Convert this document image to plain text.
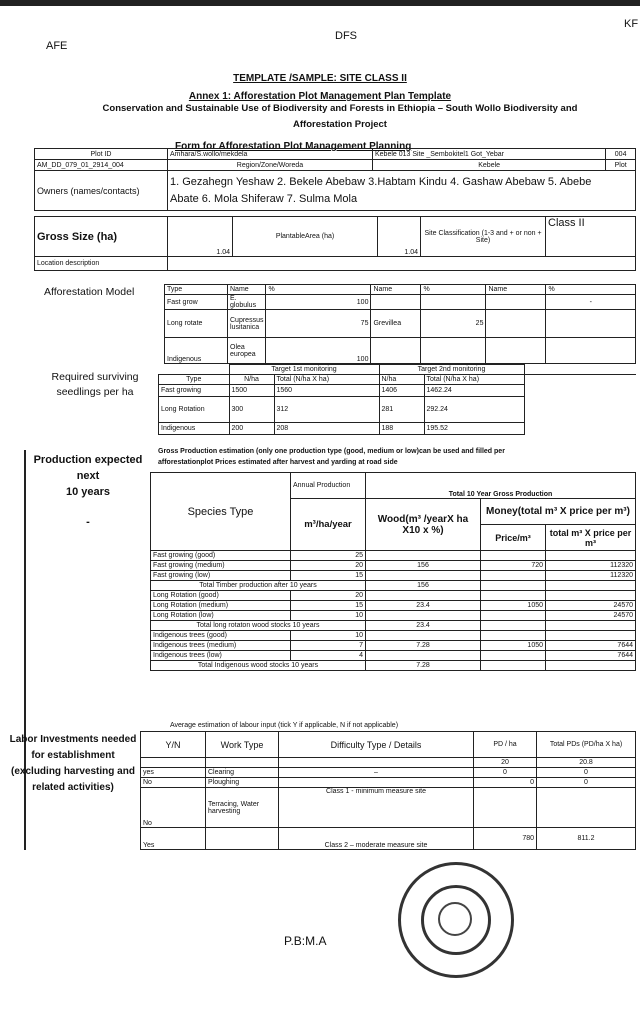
AFE
DFS
KF
TEMPLATE /SAMPLE: SITE CLASS II
Annex 1: Afforestation Plot Management Plan Template
Conservation and Sustainable Use of Biodiversity and Forests in Ethiopia – South Wollo Biodiversity and
Afforestation Project
Form for Afforestation Plot Management Planning
Plot ID	Amhara/S.wollo/mekdela	Kebele 013 Site _Sembokitel1 Got_Yebar	004
AM_DD_079_01_2914_004	Region/Zone/Woreda	Kebele	Plot
Owners (names/contacts)	1. Gezahegn Yeshaw 2. Bekele Abebaw 3.Habtam Kindu 4. Gashaw Abebaw 5. Abebe
Abate 6. Mola Shiferaw 7. Sulma Mola		
Gross Size (ha)	1.04	PlantableArea (ha)	1.04	Site Classification (1-3 and + or non + Site)	Class II
Location description					
Afforestation Model	Type	Name	%	Name	%	Name	%
Fast grow	E. globulus	100				-
Long rotate	Cupressus lusitanica	75	Grevillea	25		
Indigenous	Olea europea	100				
Required surviving seedlings per ha
	Target 1st monitoring		Target 2nd monitoring		
Type	N/ha	Total (N/ha X ha)	N/ha	Total (N/ha X ha)	
Fast growing	1500	1560	1406	1462.24	
Long Rotation	300	312	281	292.24	
Indigenous	200	208	188	195.52	
Production expected
next
10 years
-
Gross Production estimation (only one production type (good, medium or low)can be used and filled per afforestationplot Prices estimated after harvest and yarding at road side
Species Type	Annual Production	Total 10 Year Gross Production		
	m³/ha/year	Wood(m³ /yearX ha X10 x %)	Money(total m³ X price per m³)	
			Price/m³	total m³ X price per m³
Fast growing (good)	25			
Fast growing (medium)	20	156	720	112320
Fast growing (low)	15			112320
Total Timber production after 10 years		156		
Long Rotation (good)	20			
Long Rotation (medium)	15	23.4	1050	24570
Long Rotation (low)	10			24570
Total long rotaton wood stocks 10 years		23.4		
Indigenous trees (good)	10			
Indigenous trees (medium)	7	7.28	1050	7644
Indigenous trees (low)	4			7644
Total Indigenous wood stocks 10 years		7.28		
Labor Investments needed for establishment (excluding harvesting and related activities)
Average estimation of labour input (tick Y if applicable, N if not applicable)
Y/N	Work Type	Difficulty Type / Details	PD / ha	Total PDs (PD/ha X ha)
			20	20.8
yes	Clearing	–	0	0
No	Ploughing		0	0
No	Terracing, Water harvesting	Class 1 - minimum measure site		
Yes		Class 2 – moderate measure site	780	811.2
P.B:M.A
